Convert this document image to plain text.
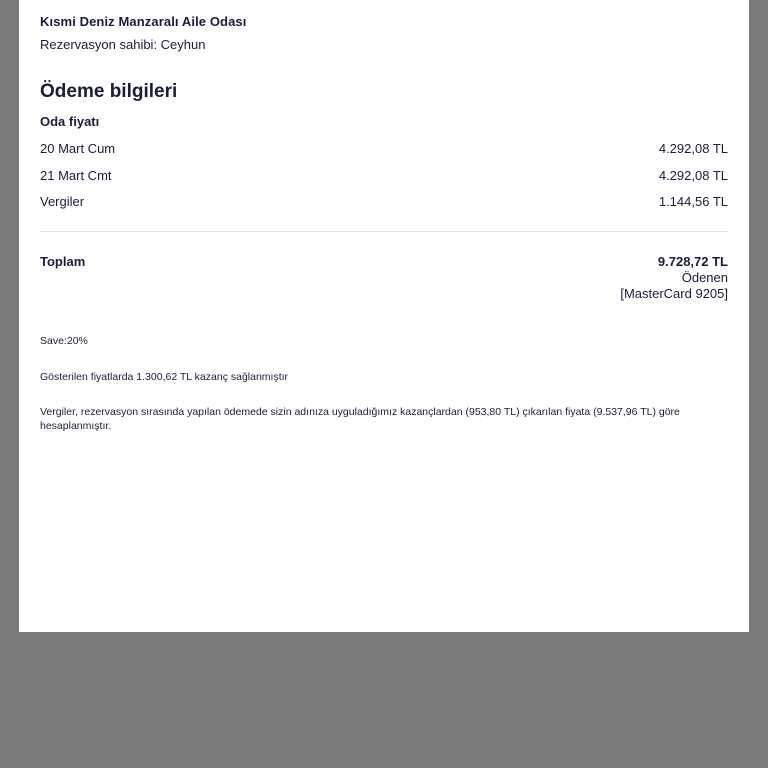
Kısmi Deniz Manzaralı Aile Odası
Rezervasyon sahibi: Ceyhun
Ödeme bilgileri
Oda fiyatı
20 Mart Cum	4.292,08 TL
21 Mart Cmt	4.292,08 TL
Vergiler	1.144,56 TL
Toplam	9.728,72 TL
Ödenen
[MasterCard 9205]
Save:20%
Gösterilen fiyatlarda 1.300,62 TL kazanç sağlanmıştır
Vergiler, rezervasyon sırasında yapılan ödemede sizin adınıza uyguladığımız kazançlardan (953,80 TL) çıkarılan fiyata (9.537,96 TL) göre hesaplanmıştır.
